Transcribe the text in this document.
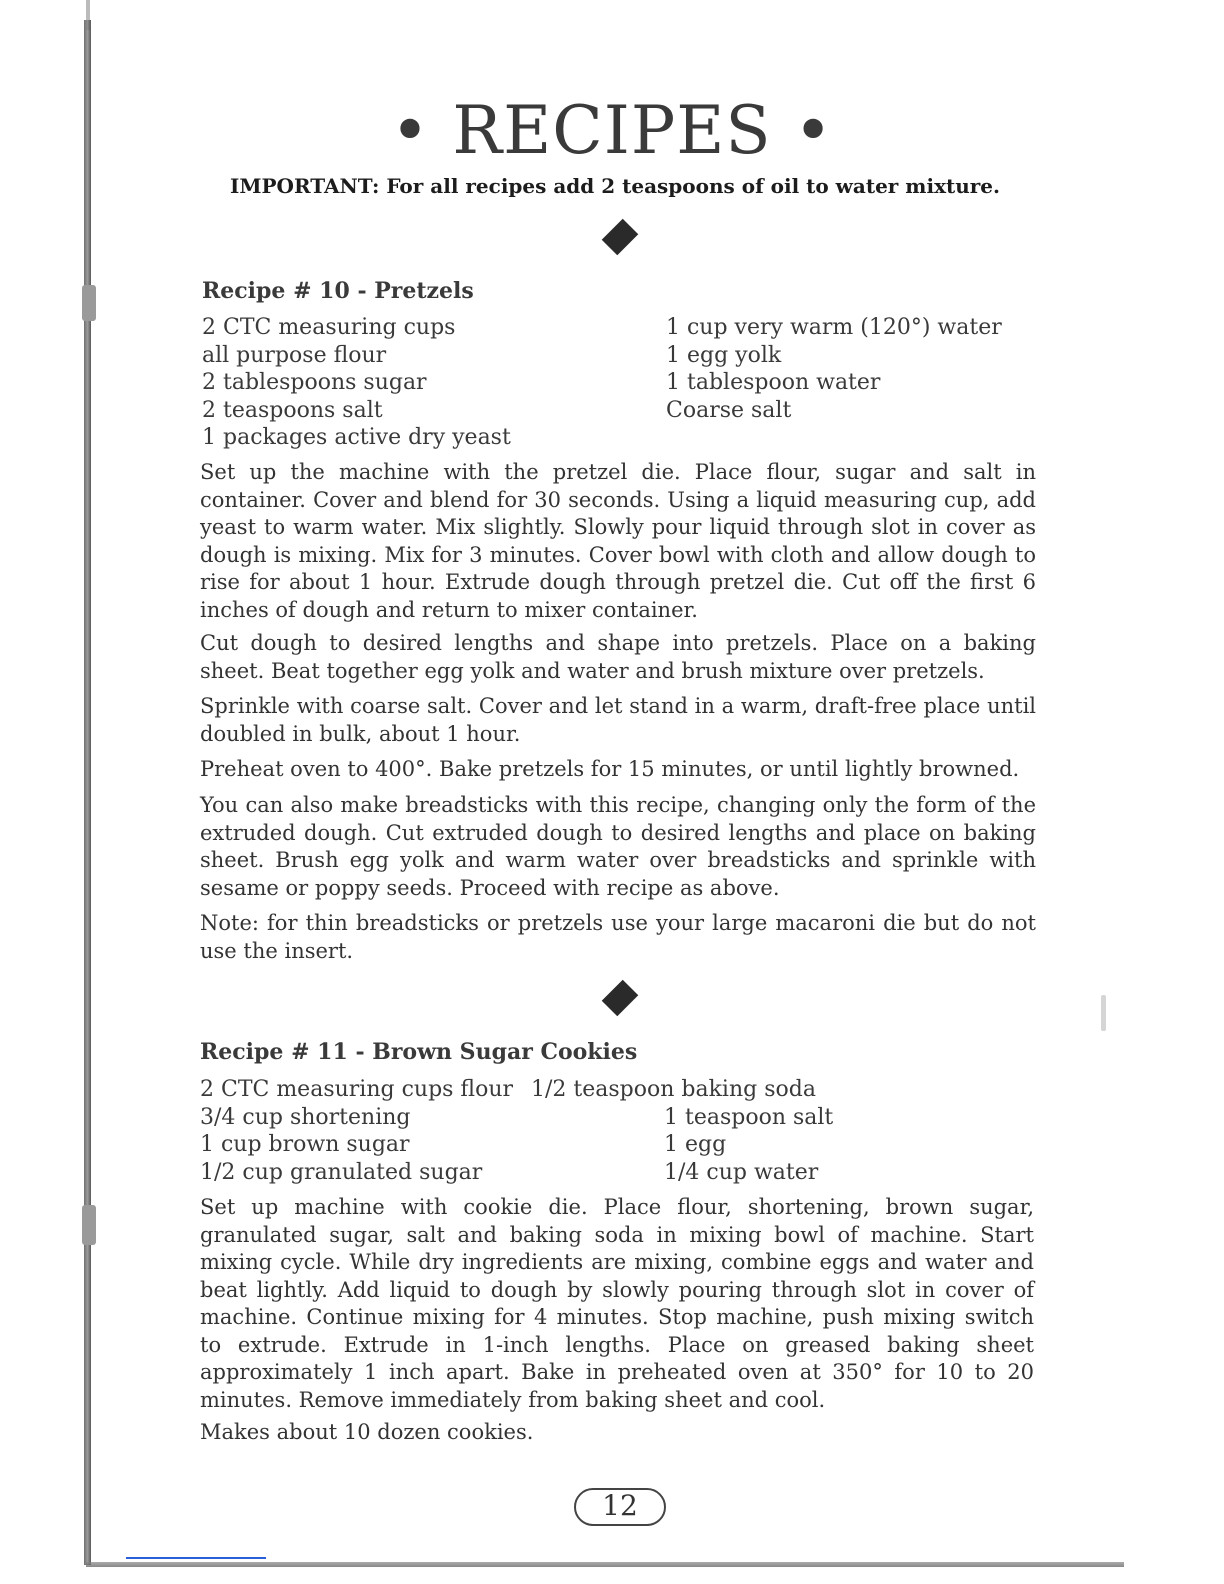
• RECIPES •
IMPORTANT: For all recipes add 2 teaspoons of oil to water mixture.
Recipe # 10 - Pretzels
2 CTC measuring cups
all purpose flour
2 tablespoons sugar
2 teaspoons salt
1 packages active dry yeast
1 cup very warm (120°) water
1 egg yolk
1 tablespoon water
Coarse salt

Set up the machine with the pretzel die. Place flour, sugar and salt in container. Cover and blend for 30 seconds. Using a liquid measuring cup, add yeast to warm water. Mix slightly. Slowly pour liquid through slot in cover as dough is mixing. Mix for 3 minutes. Cover bowl with cloth and allow dough to rise for about 1 hour. Extrude dough through pretzel die. Cut off the first 6 inches of dough and return to mixer container.

Cut dough to desired lengths and shape into pretzels. Place on a baking sheet. Beat together egg yolk and water and brush mixture over pretzels.

Sprinkle with coarse salt. Cover and let stand in a warm, draft-free place until doubled in bulk, about 1 hour.

Preheat oven to 400°. Bake pretzels for 15 minutes, or until lightly browned.

You can also make breadsticks with this recipe, changing only the form of the extruded dough. Cut extruded dough to desired lengths and place on baking sheet. Brush egg yolk and warm water over breadsticks and sprinkle with sesame or poppy seeds. Proceed with recipe as above.

Note: for thin breadsticks or pretzels use your large macaroni die but do not use the insert.

Recipe # 11 - Brown Sugar Cookies
2 CTC measuring cups flour
3/4 cup shortening
1 cup brown sugar
1/2 cup granulated sugar
1/2 teaspoon baking soda
1 teaspoon salt
1 egg
1/4 cup water

Set up machine with cookie die. Place flour, shortening, brown sugar, granulated sugar, salt and baking soda in mixing bowl of machine. Start mixing cycle. While dry ingredients are mixing, combine eggs and water and beat lightly. Add liquid to dough by slowly pouring through slot in cover of machine. Continue mixing for 4 minutes. Stop machine, push mixing switch to extrude. Extrude in 1-inch lengths. Place on greased baking sheet approximately 1 inch apart. Bake in preheated oven at 350° for 10 to 20 minutes. Remove immediately from baking sheet and cool.

Makes about 10 dozen cookies.

12
